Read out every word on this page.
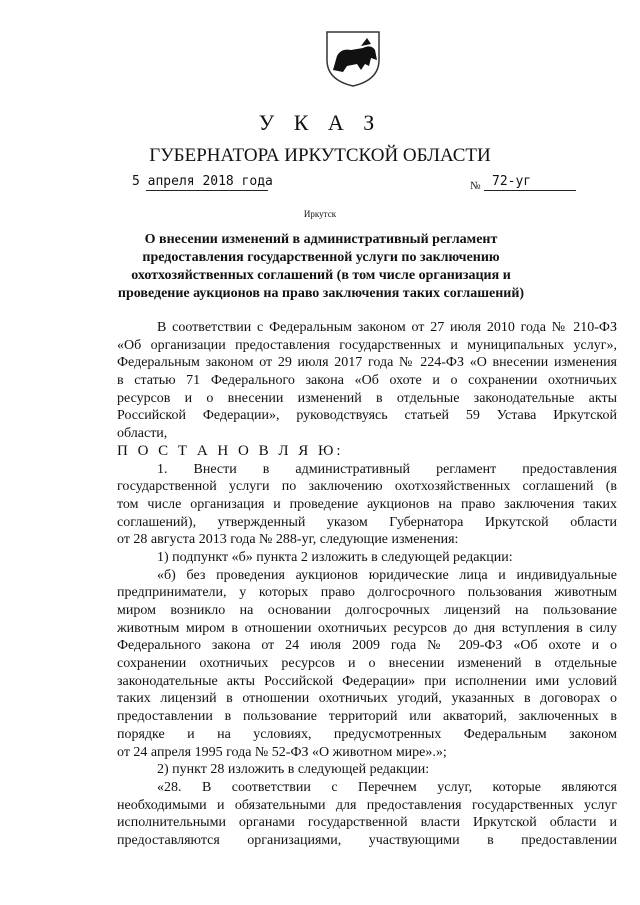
У К А З
ГУБЕРНАТОРА ИРКУТСКОЙ ОБЛАСТИ
5 апреля 2018 года	№ 72-уг
Иркутск
О внесении изменений в административный регламент предоставления государственной услуги по заключению охотхозяйственных соглашений (в том числе организация и проведение аукционов на право заключения таких соглашений)
В соответствии с Федеральным законом от 27 июля 2010 года № 210-ФЗ
«Об организации предоставления государственных и муниципальных услуг»,
Федеральным законом от 29 июля 2017 года № 224-ФЗ «О внесении изменения
в статью 71 Федерального закона «Об охоте и о сохранении охотничьих
ресурсов и о внесении изменений в отдельные законодательные акты
Российской Федерации», руководствуясь статьей 59 Устава Иркутской
области,
П О С Т А Н О В Л Я Ю:
1. Внести в административный регламент предоставления
государственной услуги по заключению охотхозяйственных соглашений (в
том числе организация и проведение аукционов на право заключения таких
соглашений), утвержденный указом Губернатора Иркутской области
от 28 августа 2013 года № 288-уг, следующие изменения:
1) подпункт «б» пункта 2 изложить в следующей редакции:
«б) без проведения аукционов юридические лица и индивидуальные
предприниматели, у которых право долгосрочного пользования животным
миром возникло на основании долгосрочных лицензий на пользование
животным миром в отношении охотничьих ресурсов до дня вступления в силу
Федерального закона от 24 июля 2009 года № 209-ФЗ «Об охоте и о
сохранении охотничьих ресурсов и о внесении изменений в отдельные
законодательные акты Российской Федерации» при исполнении ими условий
таких лицензий в отношении охотничьих угодий, указанных в договорах о
предоставлении в пользование территорий или акваторий, заключенных в
порядке и на условиях, предусмотренных Федеральным законом
от 24 апреля 1995 года № 52-ФЗ «О животном мире».»;
2) пункт 28 изложить в следующей редакции:
«28. В соответствии с Перечнем услуг, которые являются
необходимыми и обязательными для предоставления государственных услуг
исполнительными органами государственной власти Иркутской области и
предоставляются организациями, участвующими в предоставлении
